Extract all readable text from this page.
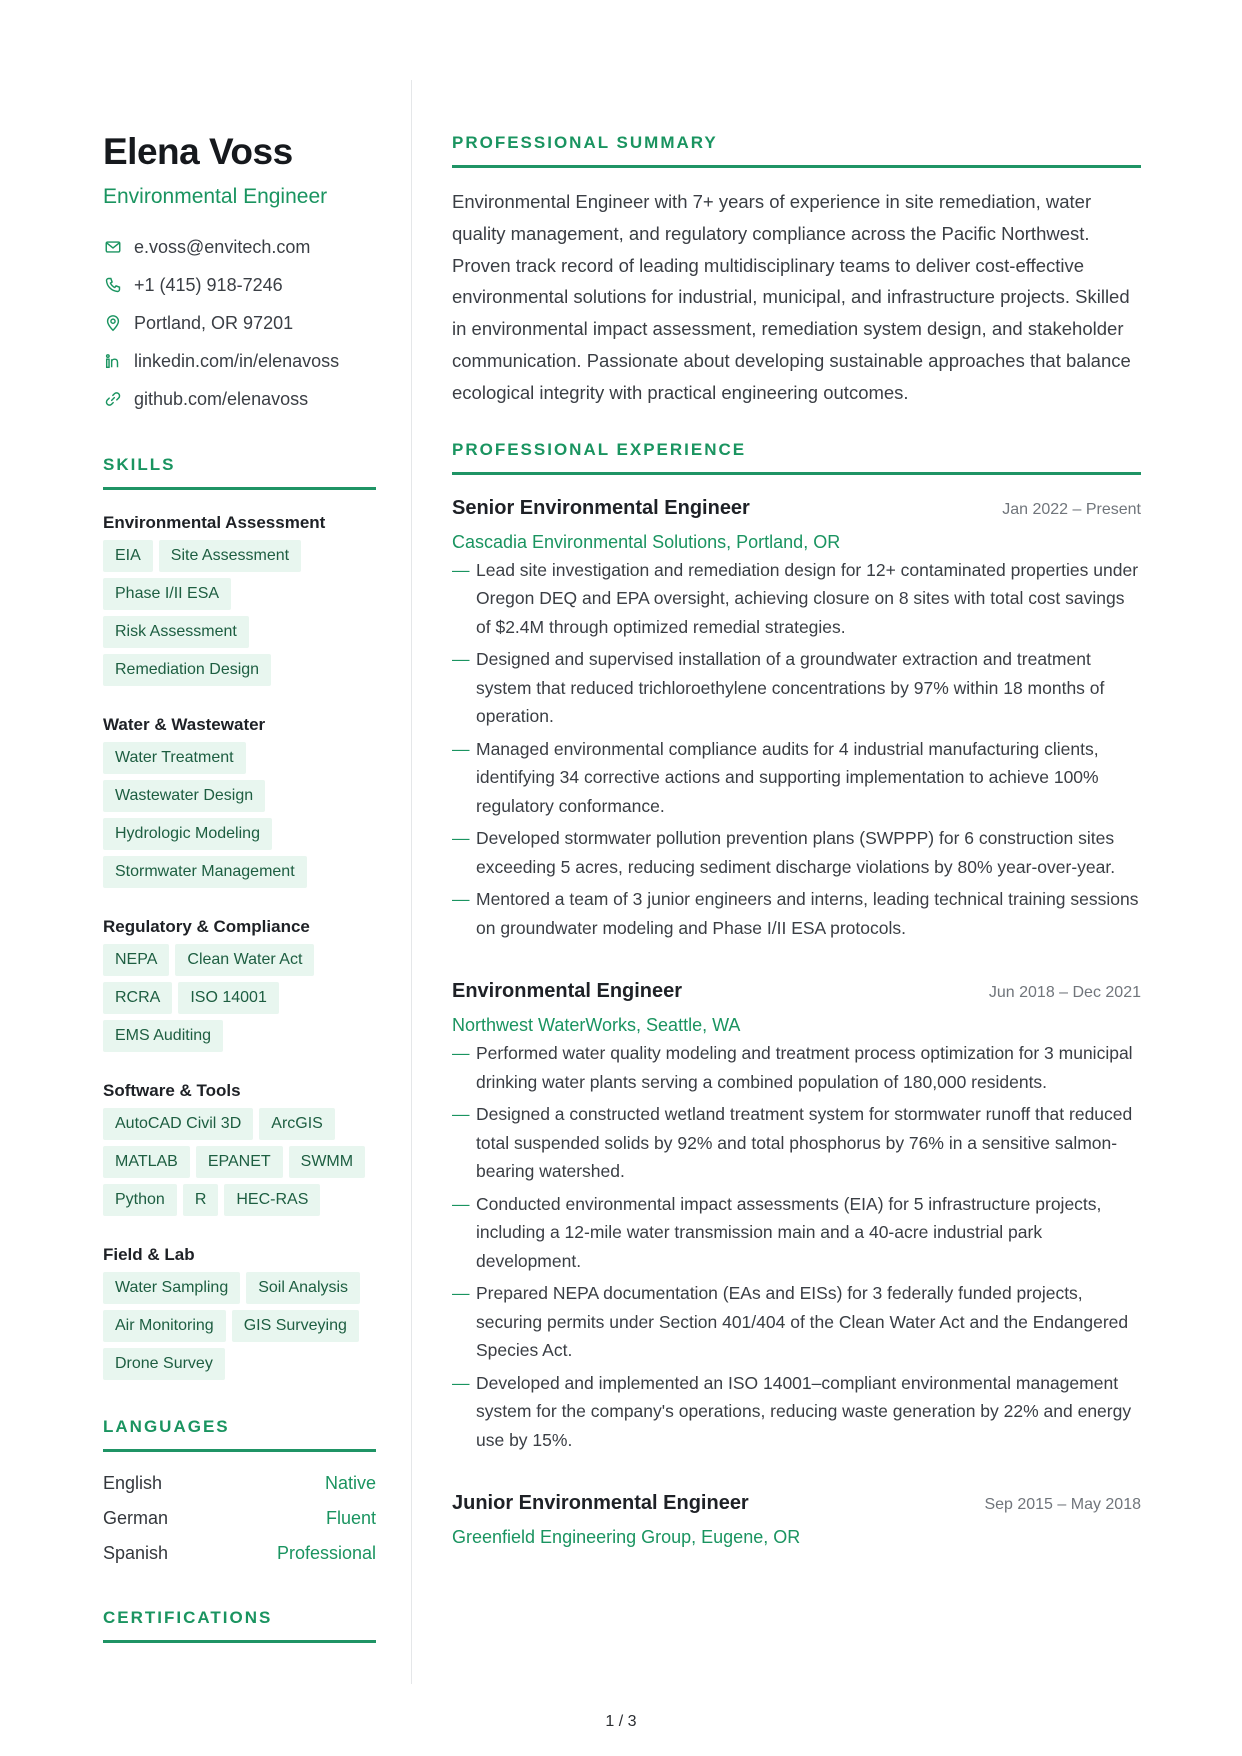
Elena Voss
Environmental Engineer
e.voss@envitech.com
+1 (415) 918-7246
Portland, OR 97201
linkedin.com/in/elenavoss
github.com/elenavoss
SKILLS
Environmental Assessment
EIA	Site Assessment
Phase I/II ESA
Risk Assessment
Remediation Design
Water & Wastewater
Water Treatment
Wastewater Design
Hydrologic Modeling
Stormwater Management
Regulatory & Compliance
NEPA	Clean Water Act
RCRA	ISO 14001
EMS Auditing
Software & Tools
AutoCAD Civil 3D	ArcGIS
MATLAB	EPANET	SWMM
Python	R	HEC-RAS
Field & Lab
Water Sampling	Soil Analysis
Air Monitoring	GIS Surveying
Drone Survey
LANGUAGES
English	Native
German	Fluent
Spanish	Professional
CERTIFICATIONS
PROFESSIONAL SUMMARY
Environmental Engineer with 7+ years of experience in site remediation, water quality management, and regulatory compliance across the Pacific Northwest. Proven track record of leading multidisciplinary teams to deliver cost-effective environmental solutions for industrial, municipal, and infrastructure projects. Skilled in environmental impact assessment, remediation system design, and stakeholder communication. Passionate about developing sustainable approaches that balance ecological integrity with practical engineering outcomes.
PROFESSIONAL EXPERIENCE
Senior Environmental Engineer	Jan 2022 – Present
Cascadia Environmental Solutions, Portland, OR
— Lead site investigation and remediation design for 12+ contaminated properties under Oregon DEQ and EPA oversight, achieving closure on 8 sites with total cost savings of $2.4M through optimized remedial strategies.
— Designed and supervised installation of a groundwater extraction and treatment system that reduced trichloroethylene concentrations by 97% within 18 months of operation.
— Managed environmental compliance audits for 4 industrial manufacturing clients, identifying 34 corrective actions and supporting implementation to achieve 100% regulatory conformance.
— Developed stormwater pollution prevention plans (SWPPP) for 6 construction sites exceeding 5 acres, reducing sediment discharge violations by 80% year-over-year.
— Mentored a team of 3 junior engineers and interns, leading technical training sessions on groundwater modeling and Phase I/II ESA protocols.
Environmental Engineer	Jun 2018 – Dec 2021
Northwest WaterWorks, Seattle, WA
— Performed water quality modeling and treatment process optimization for 3 municipal drinking water plants serving a combined population of 180,000 residents.
— Designed a constructed wetland treatment system for stormwater runoff that reduced total suspended solids by 92% and total phosphorus by 76% in a sensitive salmon-bearing watershed.
— Conducted environmental impact assessments (EIA) for 5 infrastructure projects, including a 12-mile water transmission main and a 40-acre industrial park development.
— Prepared NEPA documentation (EAs and EISs) for 3 federally funded projects, securing permits under Section 401/404 of the Clean Water Act and the Endangered Species Act.
— Developed and implemented an ISO 14001–compliant environmental management system for the company's operations, reducing waste generation by 22% and energy use by 15%.
Junior Environmental Engineer	Sep 2015 – May 2018
Greenfield Engineering Group, Eugene, OR
1 / 3
